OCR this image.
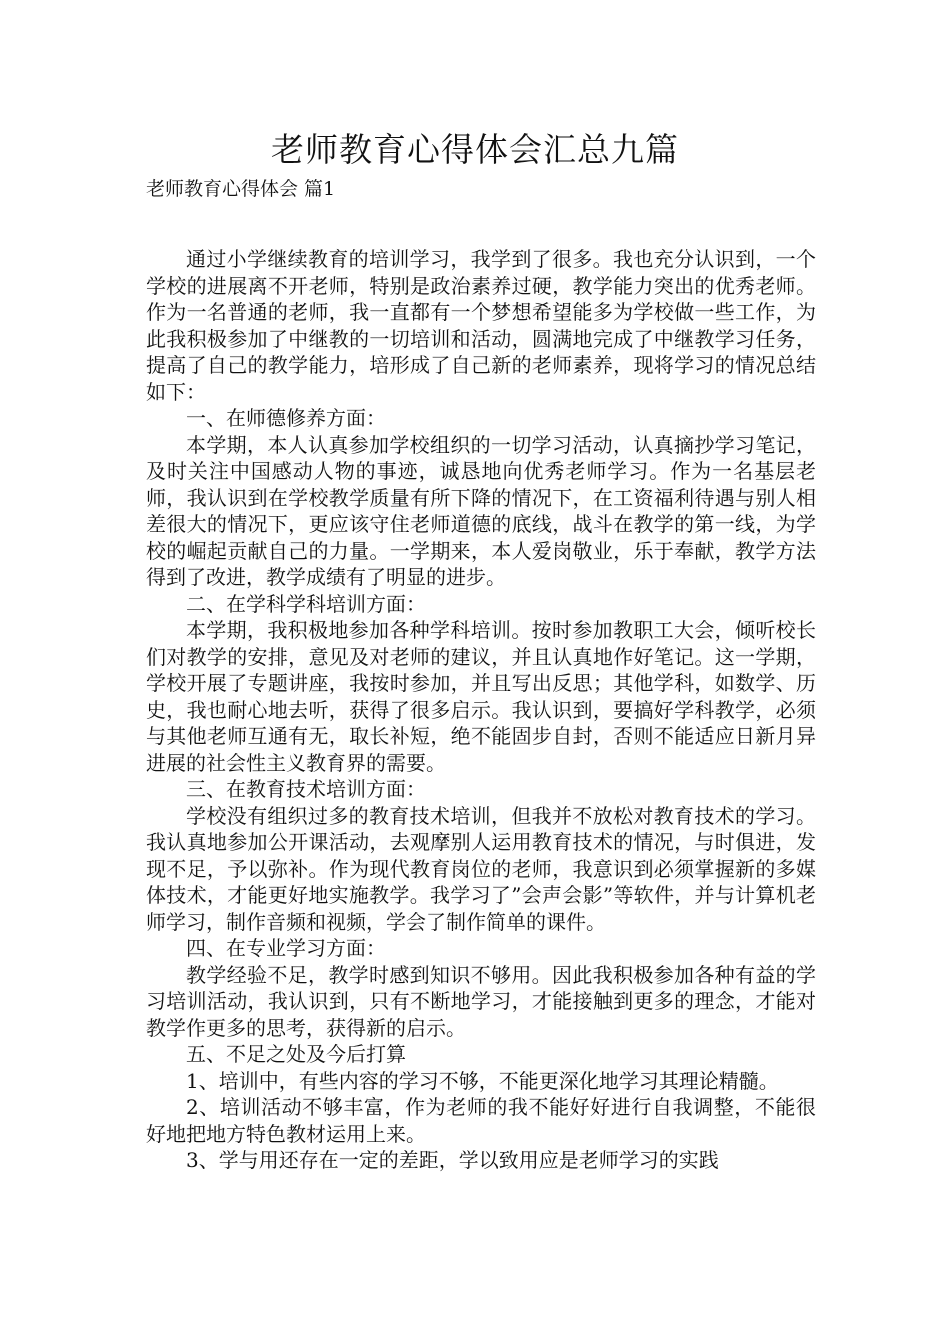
老师教育心得体会汇总九篇
老师教育心得体会 篇1

通过小学继续教育的培训学习，我学到了很多。我也充分认识到，一个学校的进展离不开老师，特别是政治素养过硬，教学能力突出的优秀老师。作为一名普通的老师，我一直都有一个梦想希望能多为学校做一些工作，为此我积极参加了中继教的一切培训和活动，圆满地完成了中继教学习任务，提高了自己的教学能力，培形成了自己新的老师素养，现将学习的情况总结如下：

一、在师德修养方面：

本学期，本人认真参加学校组织的一切学习活动，认真摘抄学习笔记，及时关注中国感动人物的事迹，诚恳地向优秀老师学习。作为一名基层老师，我认识到在学校教学质量有所下降的情况下，在工资福利待遇与别人相差很大的情况下，更应该守住老师道德的底线，战斗在教学的第一线，为学校的崛起贡献自己的力量。一学期来，本人爱岗敬业，乐于奉献，教学方法得到了改进，教学成绩有了明显的进步。

二、在学科学科培训方面：

本学期，我积极地参加各种学科培训。按时参加教职工大会，倾听校长们对教学的安排，意见及对老师的建议，并且认真地作好笔记。这一学期，学校开展了专题讲座，我按时参加，并且写出反思；其他学科，如数学、历史，我也耐心地去听，获得了很多启示。我认识到，要搞好学科教学，必须与其他老师互通有无，取长补短，绝不能固步自封，否则不能适应日新月异进展的社会性主义教育界的需要。

三、在教育技术培训方面：

学校没有组织过多的教育技术培训，但我并不放松对教育技术的学习。我认真地参加公开课活动，去观摩别人运用教育技术的情况，与时俱进，发现不足，予以弥补。作为现代教育岗位的老师，我意识到必须掌握新的多媒体技术，才能更好地实施教学。我学习了”会声会影”等软件，并与计算机老师学习，制作音频和视频，学会了制作简单的课件。

四、在专业学习方面：

教学经验不足，教学时感到知识不够用。因此我积极参加各种有益的学习培训活动，我认识到，只有不断地学习，才能接触到更多的理念，才能对教学作更多的思考，获得新的启示。

五、不足之处及今后打算

1、培训中，有些内容的学习不够，不能更深化地学习其理论精髓。

2、培训活动不够丰富，作为老师的我不能好好进行自我调整，不能很好地把地方特色教材运用上来。

3、学与用还存在一定的差距，学以致用应是老师学习的实践
